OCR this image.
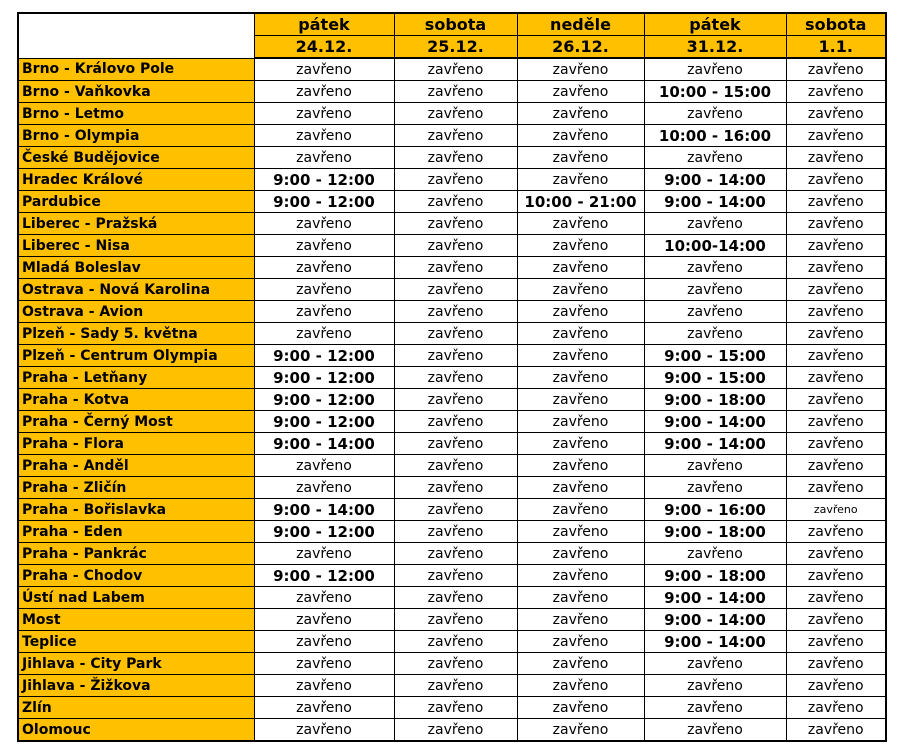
	pátek	sobota	neděle	pátek	sobota
	24.12.	25.12.	26.12.	31.12.	1.1.
Brno - Královo Pole	zavřeno	zavřeno	zavřeno	zavřeno	zavřeno
Brno - Vaňkovka	zavřeno	zavřeno	zavřeno	10:00 - 15:00	zavřeno
Brno - Letmo	zavřeno	zavřeno	zavřeno	zavřeno	zavřeno
Brno - Olympia	zavřeno	zavřeno	zavřeno	10:00 - 16:00	zavřeno
České Budějovice	zavřeno	zavřeno	zavřeno	zavřeno	zavřeno
Hradec Králové	9:00 - 12:00	zavřeno	zavřeno	9:00 - 14:00	zavřeno
Pardubice	9:00 - 12:00	zavřeno	10:00 - 21:00	9:00 - 14:00	zavřeno
Liberec - Pražská	zavřeno	zavřeno	zavřeno	zavřeno	zavřeno
Liberec - Nisa	zavřeno	zavřeno	zavřeno	10:00-14:00	zavřeno
Mladá Boleslav	zavřeno	zavřeno	zavřeno	zavřeno	zavřeno
Ostrava - Nová Karolina	zavřeno	zavřeno	zavřeno	zavřeno	zavřeno
Ostrava - Avion	zavřeno	zavřeno	zavřeno	zavřeno	zavřeno
Plzeň - Sady 5. května	zavřeno	zavřeno	zavřeno	zavřeno	zavřeno
Plzeň - Centrum Olympia	9:00 - 12:00	zavřeno	zavřeno	9:00 - 15:00	zavřeno
Praha - Letňany	9:00 - 12:00	zavřeno	zavřeno	9:00 - 15:00	zavřeno
Praha - Kotva	9:00 - 12:00	zavřeno	zavřeno	9:00 - 18:00	zavřeno
Praha - Černý Most	9:00 - 12:00	zavřeno	zavřeno	9:00 - 14:00	zavřeno
Praha - Flora	9:00 - 14:00	zavřeno	zavřeno	9:00 - 14:00	zavřeno
Praha - Anděl	zavřeno	zavřeno	zavřeno	zavřeno	zavřeno
Praha - Zličín	zavřeno	zavřeno	zavřeno	zavřeno	zavřeno
Praha - Bořislavka	9:00 - 14:00	zavřeno	zavřeno	9:00 - 16:00	zavřeno
Praha - Eden	9:00 - 12:00	zavřeno	zavřeno	9:00 - 18:00	zavřeno
Praha - Pankrác	zavřeno	zavřeno	zavřeno	zavřeno	zavřeno
Praha - Chodov	9:00 - 12:00	zavřeno	zavřeno	9:00 - 18:00	zavřeno
Ústí nad Labem	zavřeno	zavřeno	zavřeno	9:00 - 14:00	zavřeno
Most	zavřeno	zavřeno	zavřeno	9:00 - 14:00	zavřeno
Teplice	zavřeno	zavřeno	zavřeno	9:00 - 14:00	zavřeno
Jihlava - City Park	zavřeno	zavřeno	zavřeno	zavřeno	zavřeno
Jihlava - Žižkova	zavřeno	zavřeno	zavřeno	zavřeno	zavřeno
Zlín	zavřeno	zavřeno	zavřeno	zavřeno	zavřeno
Olomouc	zavřeno	zavřeno	zavřeno	zavřeno	zavřeno
